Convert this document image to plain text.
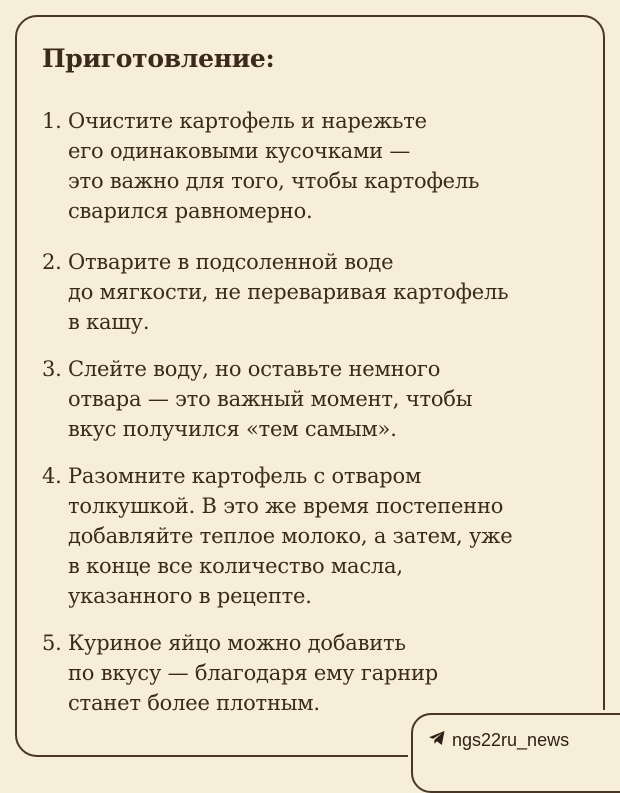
Приготовление:
1. Очистите картофель и нарежьте
его одинаковыми кусочками —
это важно для того, чтобы картофель
сварился равномерно.
2. Отварите в подсоленной воде
до мягкости, не переваривая картофель
в кашу.
3. Слейте воду, но оставьте немного
отвара — это важный момент, чтобы
вкус получился «тем самым».
4. Разомните картофель с отваром
толкушкой. В это же время постепенно
добавляйте теплое молоко, а затем, уже
в конце все количество масла,
указанного в рецепте.
5. Куриное яйцо можно добавить
по вкусу — благодаря ему гарнир
станет более плотным.
ngs22ru_news
